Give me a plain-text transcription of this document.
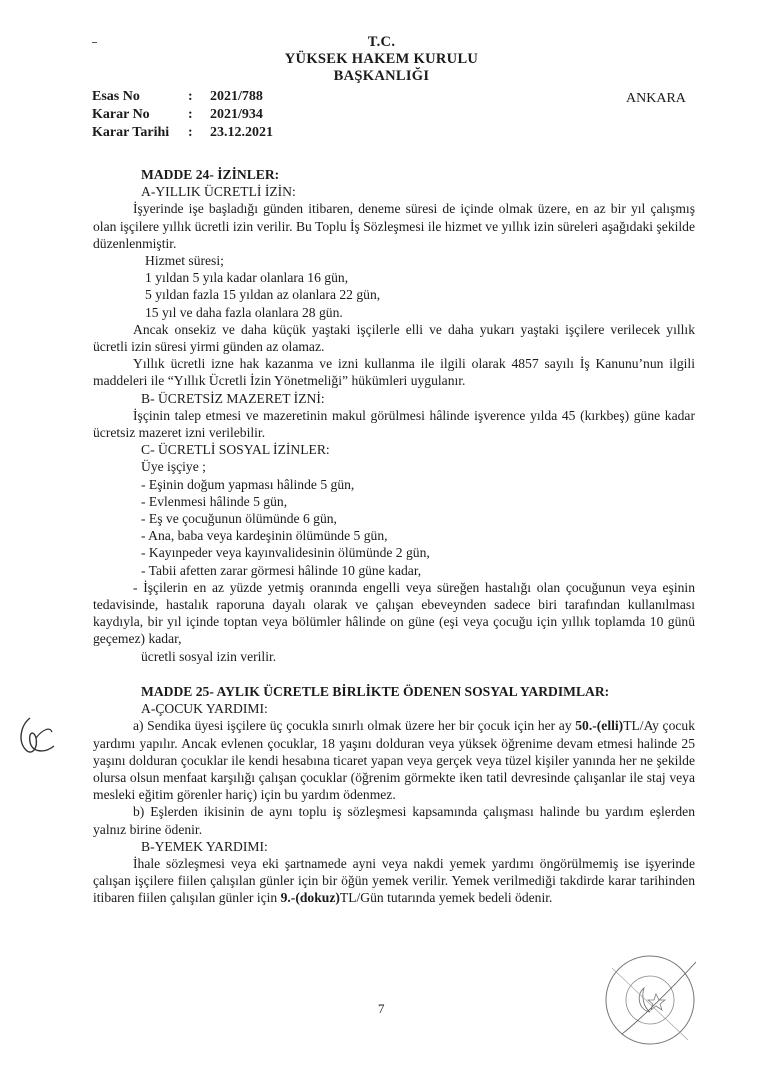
T.C.
YÜKSEK HAKEM KURULU
BAŞKANLIĞI
Esas No	:	2021/788
Karar No	:	2021/934
Karar Tarihi	:	23.12.2021
ANKARA

MADDE 24- İZİNLER:

A-YILLIK ÜCRETLİ İZİN:

İşyerinde işe başladığı günden itibaren, deneme süresi de içinde olmak üzere, en az bir yıl çalışmış olan işçilere yıllık ücretli izin verilir. Bu Toplu İş Sözleşmesi ile hizmet ve yıllık izin süreleri aşağıdaki şekilde düzenlenmiştir.

Hizmet süresi;

1 yıldan 5 yıla kadar olanlara 16 gün,

5 yıldan fazla 15 yıldan az olanlara 22 gün,

15 yıl ve daha fazla olanlara 28 gün.

Ancak onsekiz ve daha küçük yaştaki işçilerle elli ve daha yukarı yaştaki işçilere verilecek yıllık ücretli izin süresi yirmi günden az olamaz.

Yıllık ücretli izne hak kazanma ve izni kullanma ile ilgili olarak 4857 sayılı İş Kanunu’nun ilgili maddeleri ile “Yıllık Ücretli İzin Yönetmeliği” hükümleri uygulanır.

B- ÜCRETSİZ MAZERET İZNİ:

İşçinin talep etmesi ve mazeretinin makul görülmesi hâlinde işverence yılda 45 (kırkbeş) güne kadar ücretsiz mazeret izni verilebilir.

C- ÜCRETLİ SOSYAL İZİNLER:

Üye işçiye ;

- Eşinin doğum yapması hâlinde 5 gün,

- Evlenmesi hâlinde 5 gün,

- Eş ve çocuğunun ölümünde 6 gün,

- Ana, baba veya kardeşinin ölümünde 5 gün,

- Kayınpeder veya kayınvalidesinin ölümünde 2 gün,

- Tabii afetten zarar görmesi hâlinde 10 güne kadar,

- İşçilerin en az yüzde yetmiş oranında engelli veya süreğen hastalığı olan çocuğunun veya eşinin tedavisinde, hastalık raporuna dayalı olarak ve çalışan ebeveynden sadece biri tarafından kullanılması kaydıyla, bir yıl içinde toptan veya bölümler hâlinde on güne (eşi veya çocuğu için yıllık toplamda 10 günü geçemez) kadar,

ücretli sosyal izin verilir.

MADDE 25- AYLIK ÜCRETLE BİRLİKTE ÖDENEN SOSYAL YARDIMLAR:

A-ÇOCUK YARDIMI:

a) Sendika üyesi işçilere üç çocukla sınırlı olmak üzere her bir çocuk için her ay 50.-(elli)TL/Ay çocuk yardımı yapılır. Ancak evlenen çocuklar, 18 yaşını dolduran veya yüksek öğrenime devam etmesi halinde 25 yaşını dolduran çocuklar ile kendi hesabına ticaret yapan veya gerçek veya tüzel kişiler yanında her ne şekilde olursa olsun menfaat karşılığı çalışan çocuklar (öğrenim görmekte iken tatil devresinde çalışanlar ile staj veya mesleki eğitim görenler hariç) için bu yardım ödenmez.

b) Eşlerden ikisinin de aynı toplu iş sözleşmesi kapsamında çalışması halinde bu yardım eşlerden yalnız birine ödenir.

B-YEMEK YARDIMI:

İhale sözleşmesi veya eki şartnamede ayni veya nakdi yemek yardımı öngörülmemiş ise işyerinde çalışan işçilere fiilen çalışılan günler için bir öğün yemek verilir. Yemek verilmediği takdirde karar tarihinden itibaren fiilen çalışılan günler için 9.-(dokuz)TL/Gün tutarında yemek bedeli ödenir.

7
